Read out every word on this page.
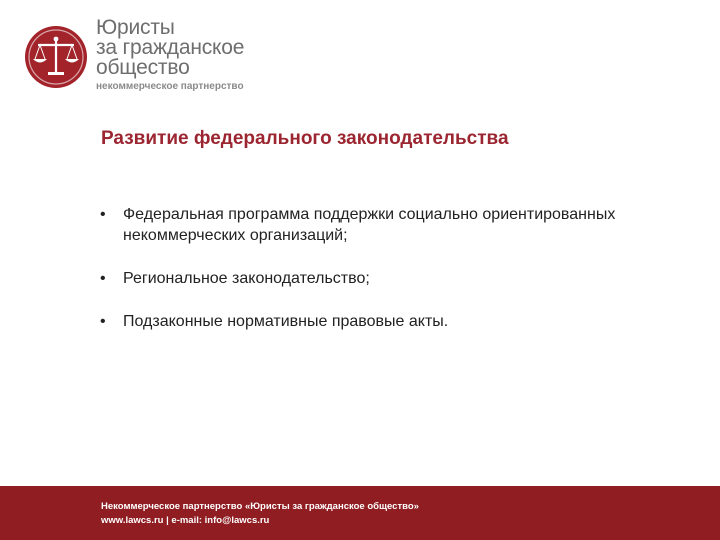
Юристы
за гражданское
общество
некоммерческое партнерство
Развитие федерального законодательства
• Федеральная программа поддержки социально ориентированных некоммерческих организаций;
• Региональное законодательство;
• Подзаконные нормативные правовые акты.
Некоммерческое партнерство «Юристы за гражданское общество»
www.lawcs.ru | e-mail: info@lawcs.ru
